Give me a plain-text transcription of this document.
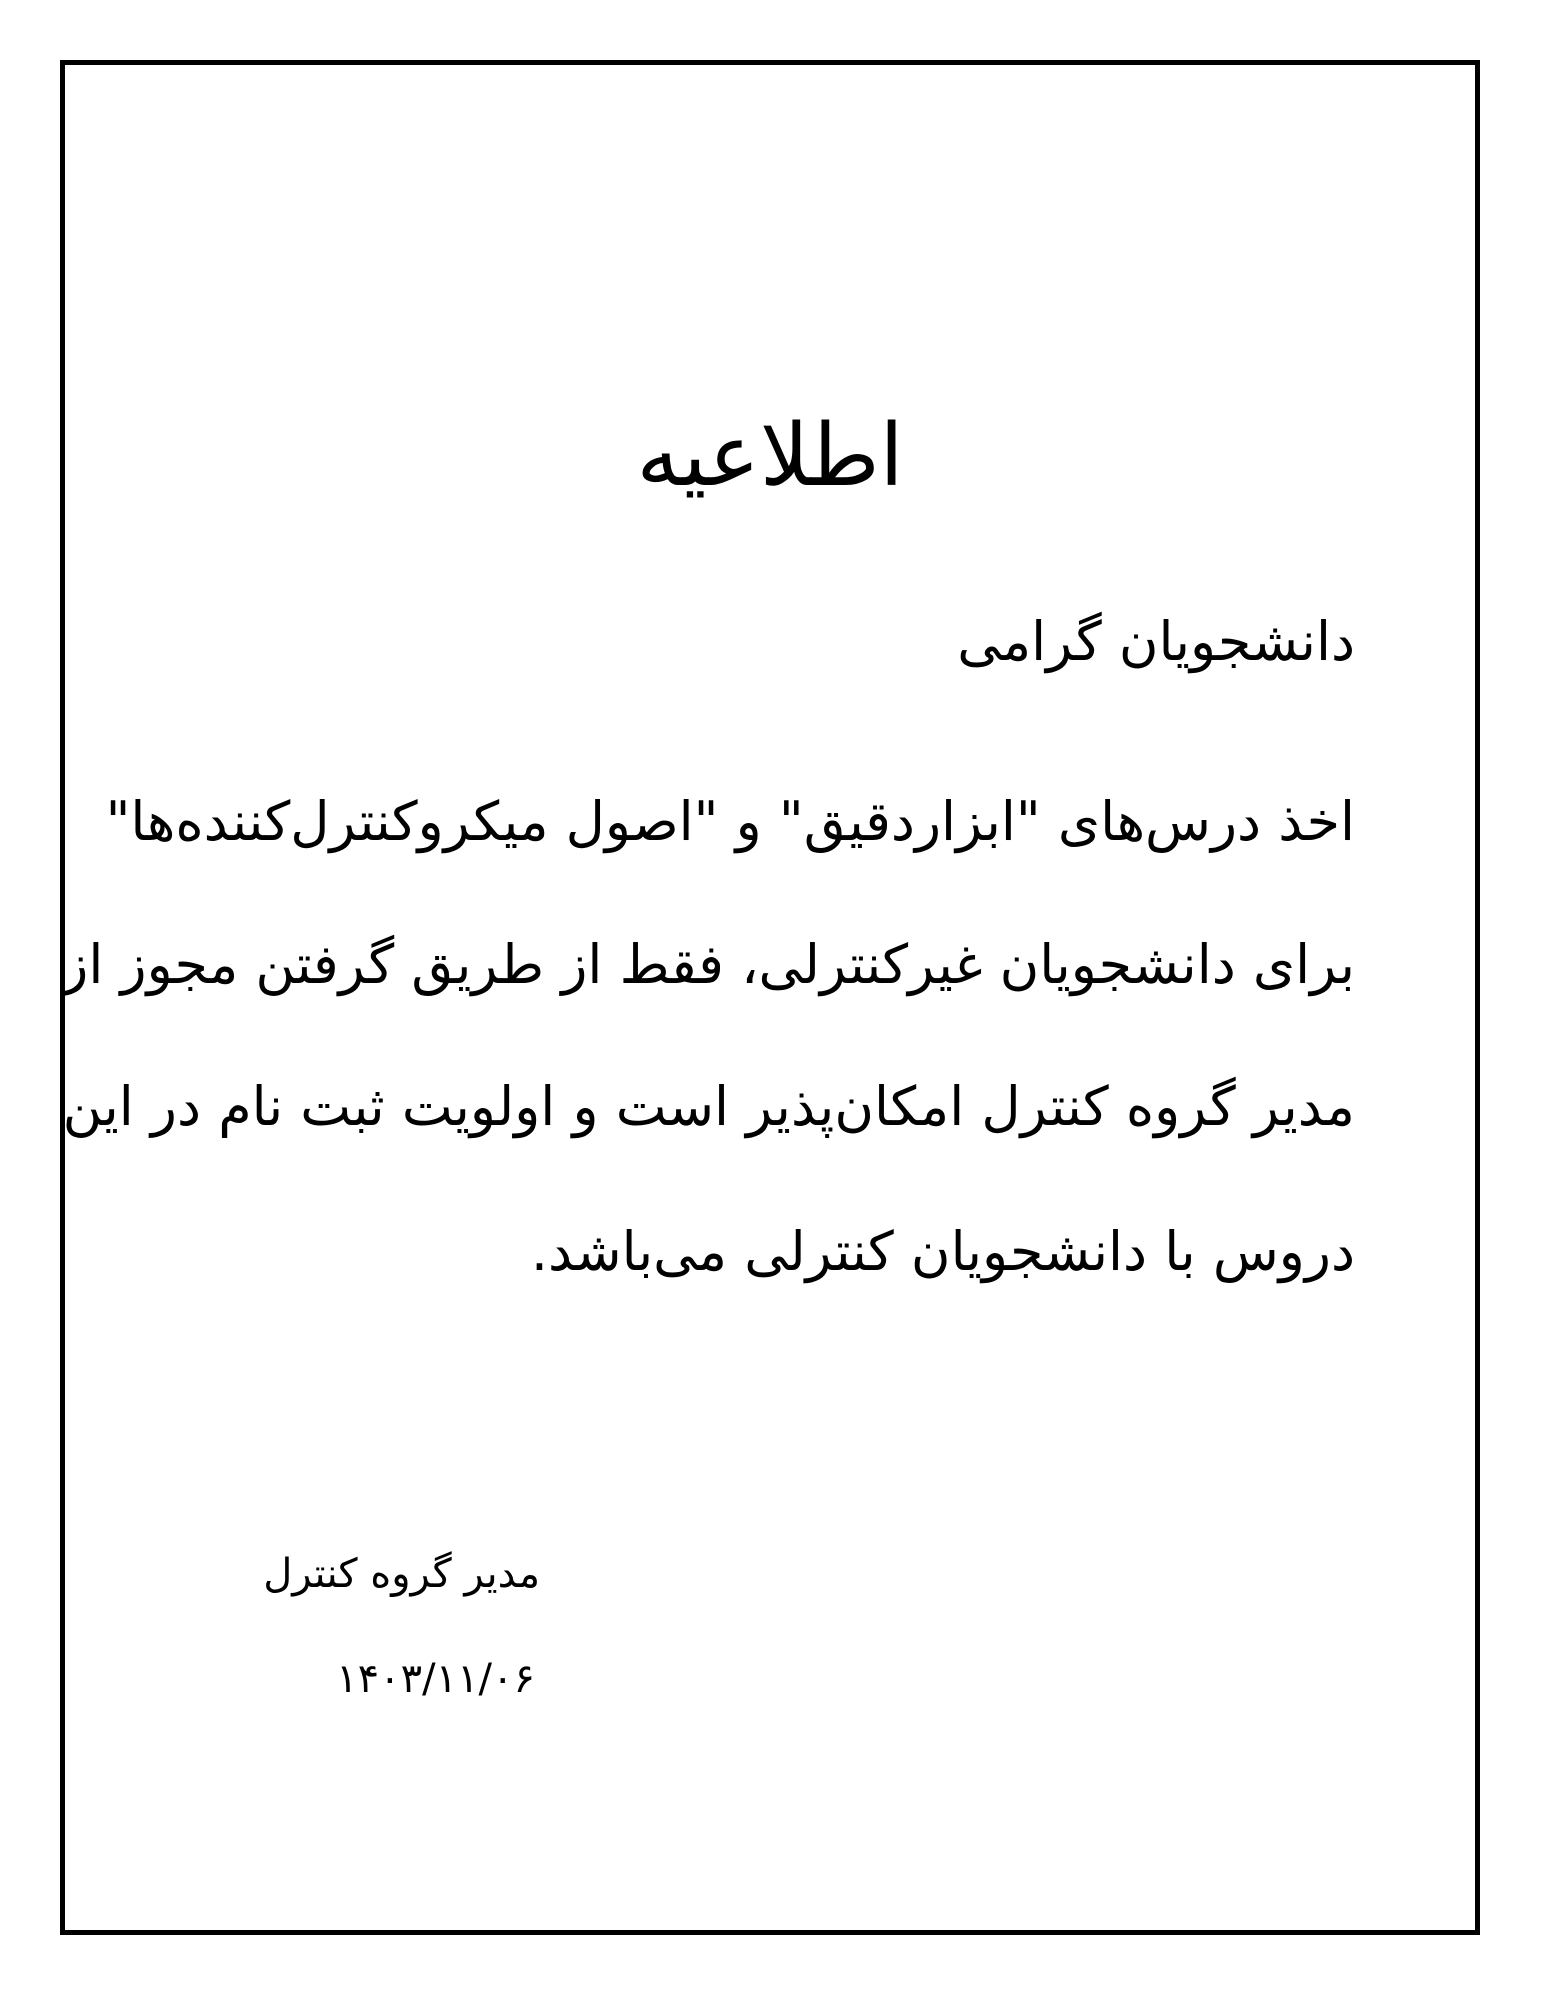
اطلاعیه
دانشجویان گرامی
اخذ درس‌های "ابزاردقیق" و "اصول میکروکنترل‌کننده‌ها"
برای دانشجویان غیرکنترلی، فقط از طریق گرفتن مجوز از
مدیر گروه کنترل امکان‌پذیر است و اولویت ثبت نام در این
دروس با دانشجویان کنترلی می‌باشد.
مدیر گروه کنترل
۱۴۰۳/۱۱/۰۶
